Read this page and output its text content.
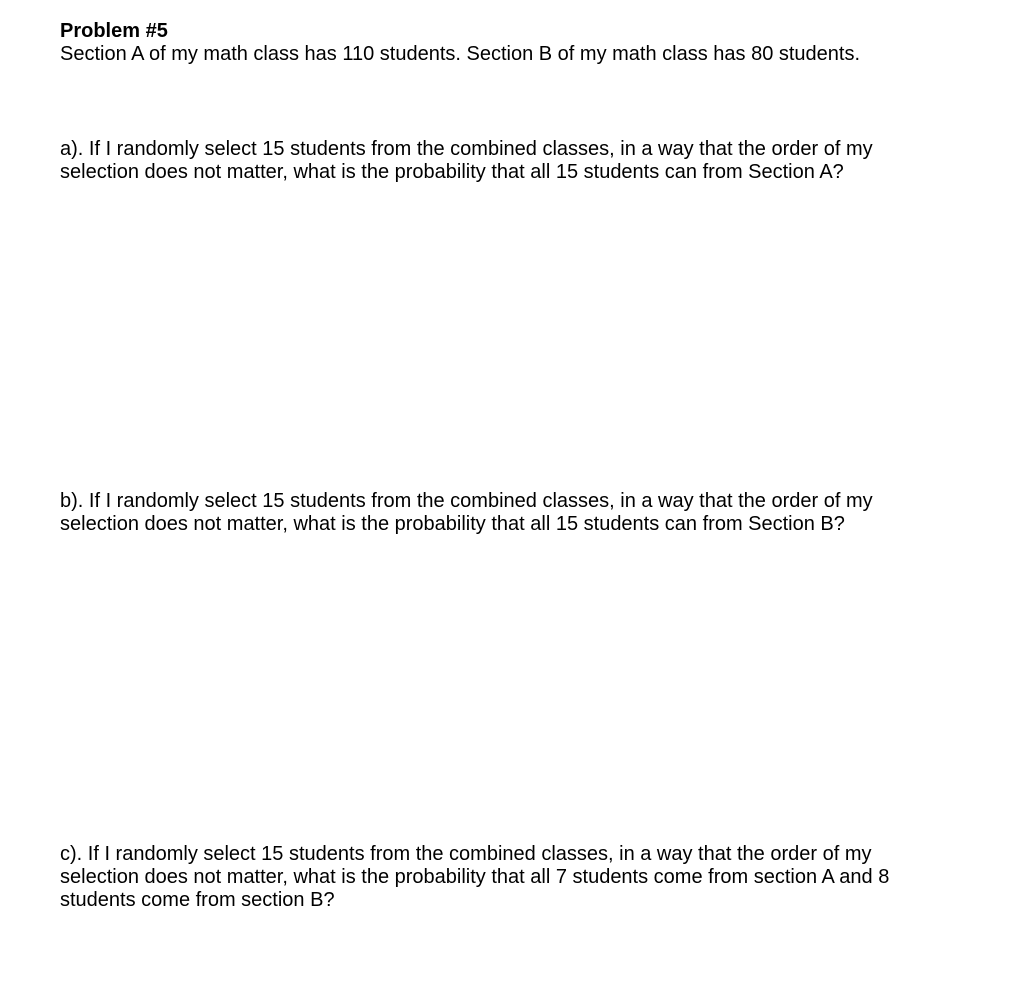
Problem #5
Section A of my math class has 110 students. Section B of my math class has 80 students.
a). If I randomly select 15 students from the combined classes, in a way that the order of my
selection does not matter, what is the probability that all 15 students can from Section A?
b). If I randomly select 15 students from the combined classes, in a way that the order of my
selection does not matter, what is the probability that all 15 students can from Section B?
c). If I randomly select 15 students from the combined classes, in a way that the order of my
selection does not matter, what is the probability that all 7 students come from section A and 8
students come from section B?
